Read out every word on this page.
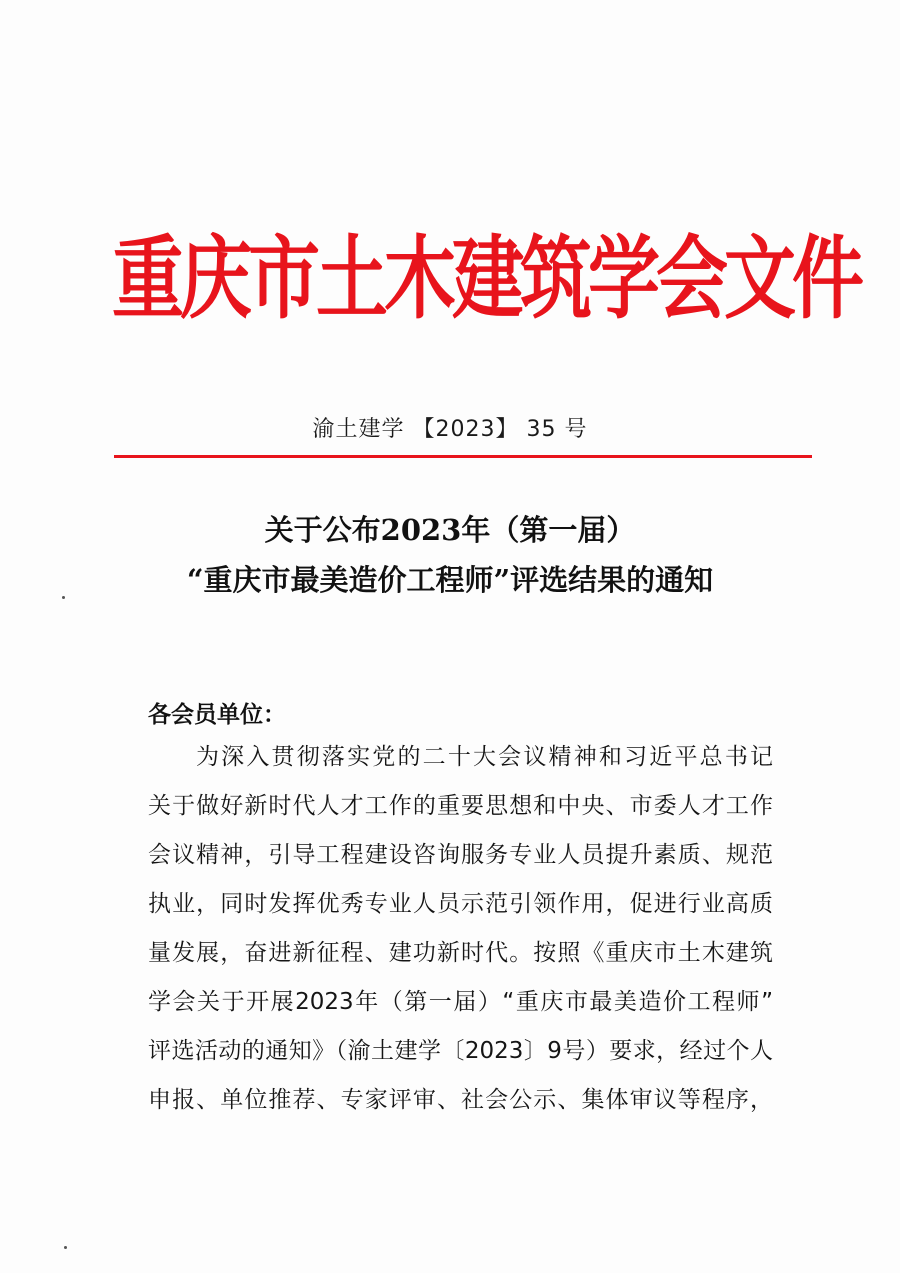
重庆市土木建筑学会文件
渝土建学 【2023】 35 号
关于公布2023年（第一届）
“重庆市最美造价工程师”评选结果的通知
各会员单位：
为深入贯彻落实党的二十大会议精神和习近平总书记
关于做好新时代人才工作的重要思想和中央、市委人才工作
会议精神，引导工程建设咨询服务专业人员提升素质、规范
执业，同时发挥优秀专业人员示范引领作用，促进行业高质
量发展，奋进新征程、建功新时代。按照《重庆市土木建筑
学会关于开展2023年（第一届）“重庆市最美造价工程师”
评选活动的通知》（渝土建学〔2023〕9号）要求，经过个人
申报、单位推荐、专家评审、社会公示、集体审议等程序，
